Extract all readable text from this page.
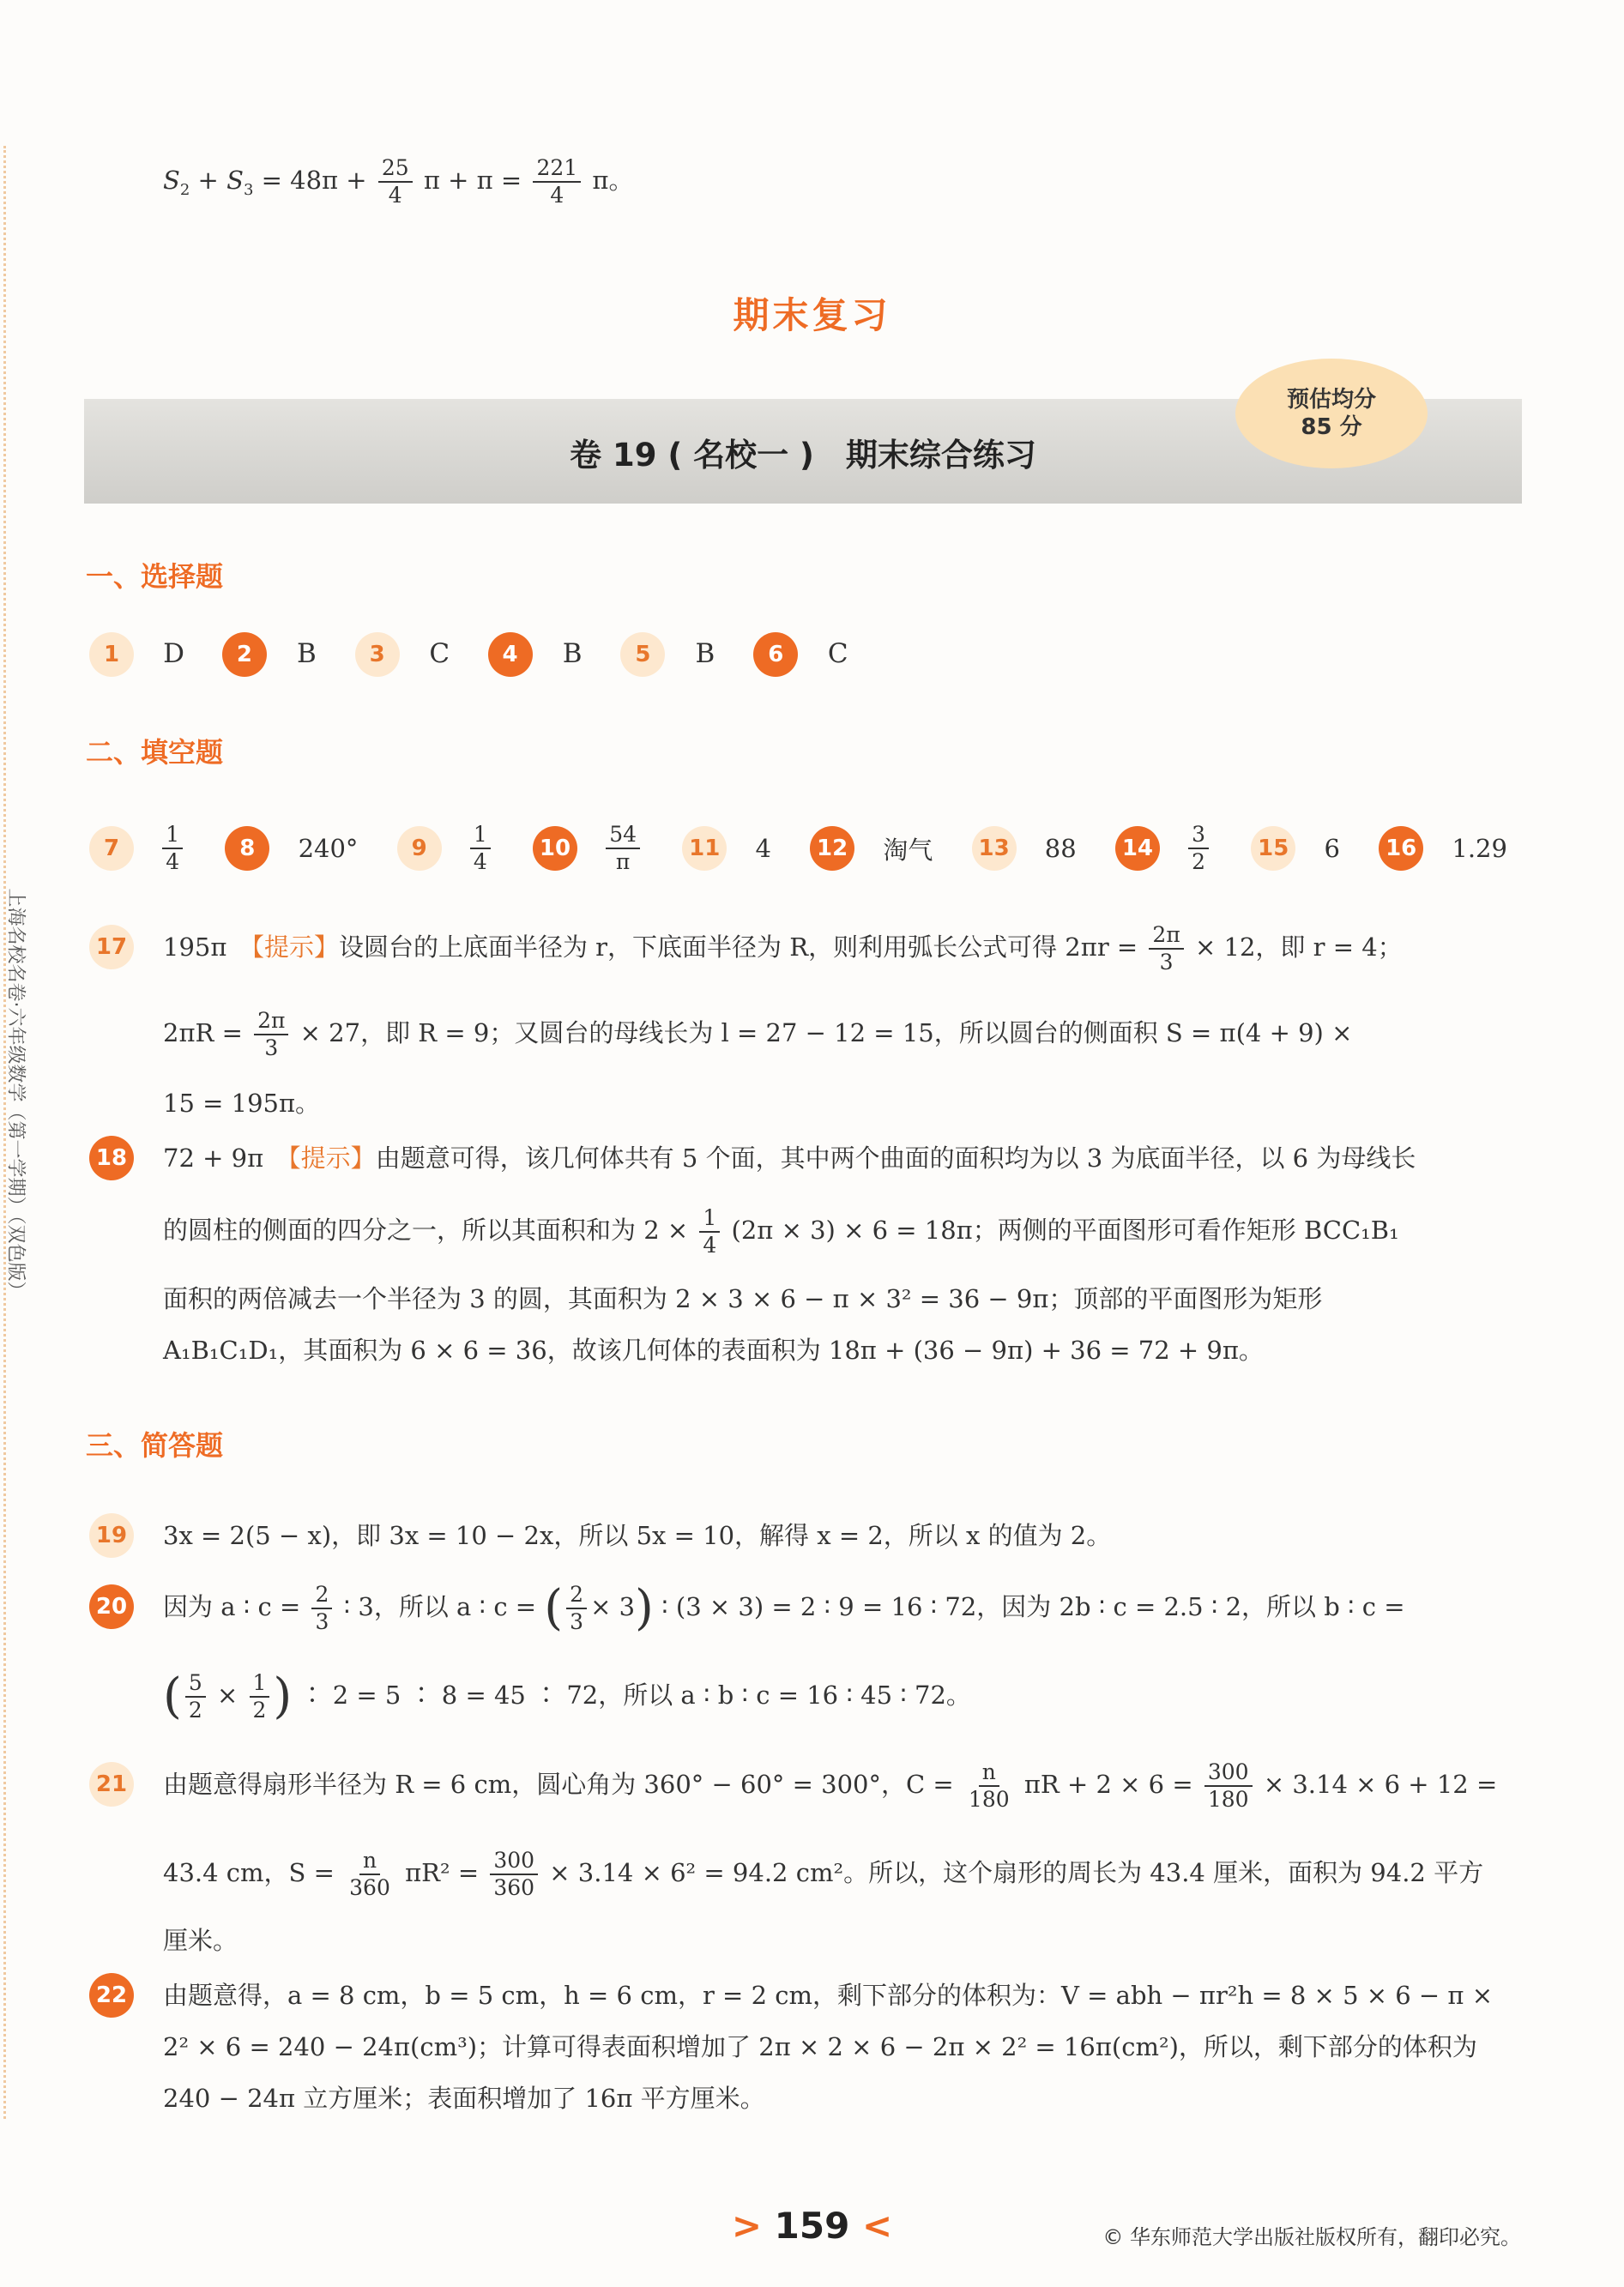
上海名校名卷·六年级数学（第一学期）（双色版）
$S_2 + S_3 = 48\pi + \frac{25}{4}$ $\pi + \pi = \frac{221}{4}$ π。
期末复习
卷 19 ( 名校一 )　期末综合练习
预估均分
85 分
一、选择题
1 D 2 B 3 C 4 B 5 B 6 C
二、填空题
$7 \frac{1}{4}$	8 240° $9 \frac{1}{4} 10 \frac{54}{\pi} 11$ 4 12 淘气 13 88 $14 \frac{3}{2} 15$ 6 16 1.29
17 195π　 【提示】设圆台的上底面半径为 r，下底面半径为 R，则利用弧长公式可得 $2\pi r = \frac{2\pi}{3} \times 12$，即 r = 4；
$2\pi R = \frac{2\pi}{3} \times 27$，即 R = 9；又圆台的母线长为 l = 27 − 12 = 15，所以圆台的侧面积 S = π(4 + 9) ×
15 = 195π。
18 72 + 9π　 【提示】由题意可得，该几何体共有 5 个面，其中两个曲面的面积均为以 3 为底面半径，以 6 为母线长
的圆柱的侧面的四分之一，所以其面积和为 $2 \times \frac{1}{4} (2\pi \times 3) \times 6 = 18\pi$；两侧的平面图形可看作矩形 BCC₁B₁
面积的两倍减去一个半径为 3 的圆，其面积为 2 × 3 × 6 − π × 3² = 36 − 9π；顶部的平面图形为矩形
A₁B₁C₁D₁，其面积为 6 × 6 = 36，故该几何体的表面积为 18π + (36 − 9π) + 36 = 72 + 9π。
三、简答题
19 3x = 2(5 − x)，即 3x = 10 − 2x，所以 5x = 10，解得 x = 2，所以 x 的值为 2。
20 因为 a ∶ $c = \frac{2}{3}$ ∶ 3，所以 a ∶ c = ( $\frac{2}{3} \times 3$) ∶ (3 × 3) = 2 ∶ 9 = 16 ∶ 72，因为 2b ∶ c = 2.5 ∶ 2，所以 b ∶ c =
( $\frac{5}{2} \times \frac{1}{2}$ ) ∶ 2 = 5 ∶ 8 = 45 ∶ 72，所以 a ∶ b ∶ c = 16 ∶ 45 ∶ 72。
21 由题意得扇形半径为 R = 6 cm，圆心角为 360° − 60° = 300°，$C = \frac{n}{180}$ $\pi R + 2 \times 6 = \frac{300}{180} \times 3.14 \times 6 + 12$ =
43.4 cm，$S = \frac{n}{360} \pi R^2 = \frac{300}{360} \times 3.14 \times 6^2 = 94.2$ cm²。所以，这个扇形的周长为 43.4 厘米，面积为 94.2 平方
厘米。
22 由题意得，a = 8 cm，b = 5 cm，h = 6 cm，r = 2 cm，剩下部分的体积为：V = abh − πr²h = 8 × 5 × 6 − π ×
2² × 6 = 240 − 24π(cm³)；计算可得表面积增加了 2π × 2 × 6 − 2π × 2² = 16π(cm²)，所以，剩下部分的体积为
240 − 24π 立方厘米；表面积增加了 16π 平方厘米。
> 159 <	© 华东师范大学出版社版权所有，翻印必究。
